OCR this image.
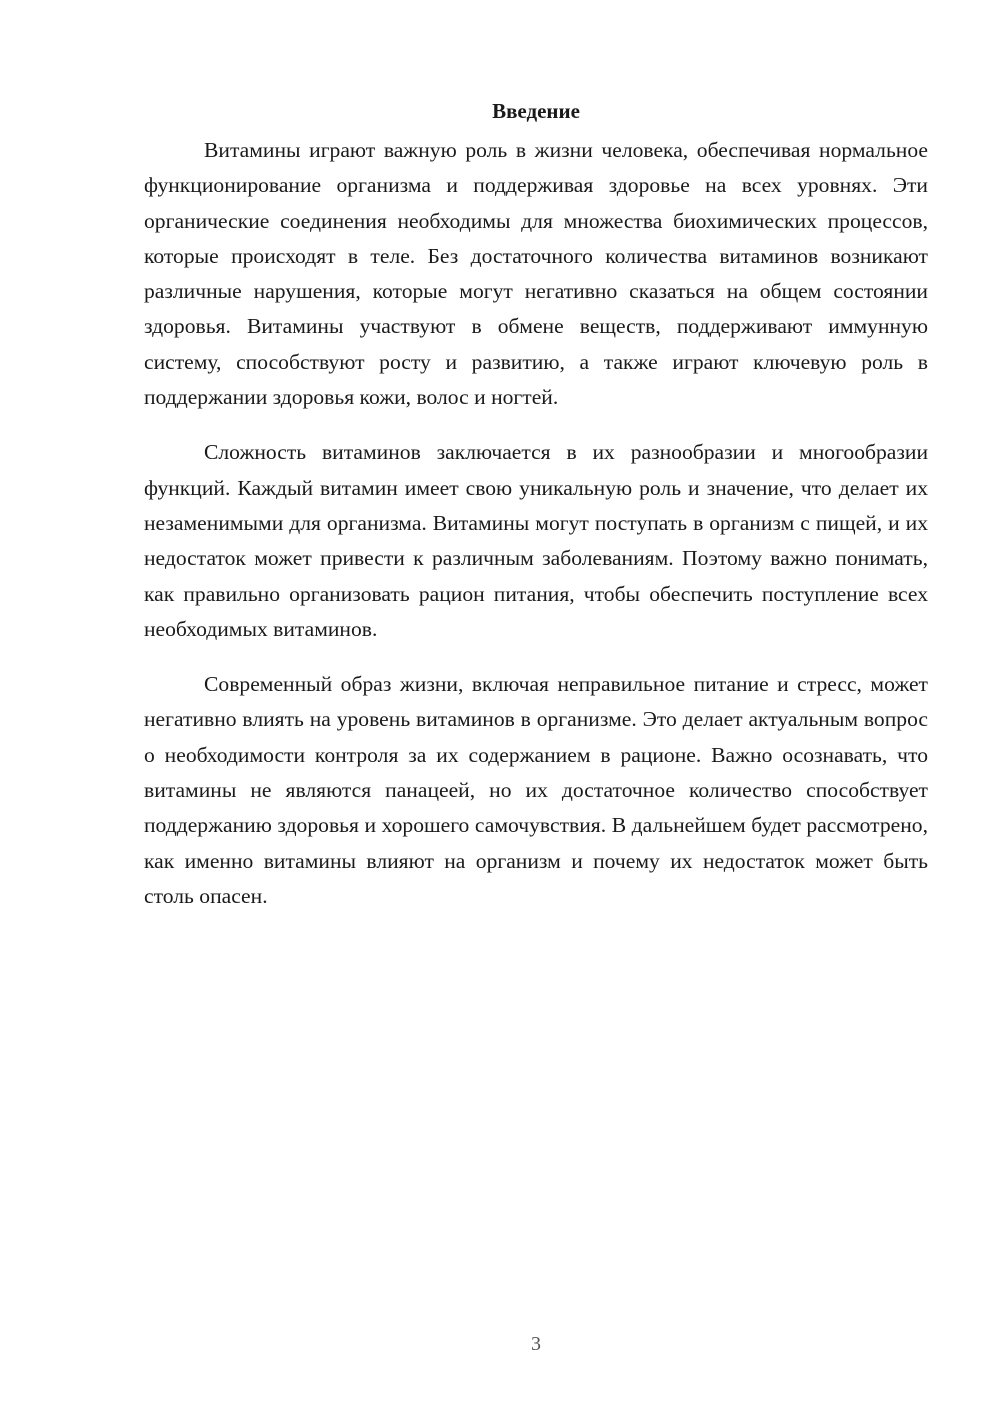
Введение

Витамины играют важную роль в жизни человека, обеспечивая нормальное функционирование организма и поддерживая здоровье на всех уровнях. Эти органические соединения необходимы для множества биохимических процессов, которые происходят в теле. Без достаточного количества витаминов возникают различные нарушения, которые могут негативно сказаться на общем состоянии здоровья. Витамины участвуют в обмене веществ, поддерживают иммунную систему, способствуют росту и развитию, а также играют ключевую роль в поддержании здоровья кожи, волос и ногтей.

Сложность витаминов заключается в их разнообразии и многообразии функций. Каждый витамин имеет свою уникальную роль и значение, что делает их незаменимыми для организма. Витамины могут поступать в организм с пищей, и их недостаток может привести к различным заболеваниям. Поэтому важно понимать, как правильно организовать рацион питания, чтобы обеспечить поступление всех необходимых витаминов.

Современный образ жизни, включая неправильное питание и стресс, может негативно влиять на уровень витаминов в организме. Это делает актуальным вопрос о необходимости контроля за их содержанием в рационе. Важно осознавать, что витамины не являются панацеей, но их достаточное количество способствует поддержанию здоровья и хорошего самочувствия. В дальнейшем будет рассмотрено, как именно витамины влияют на организм и почему их недостаток может быть столь опасен.

3
